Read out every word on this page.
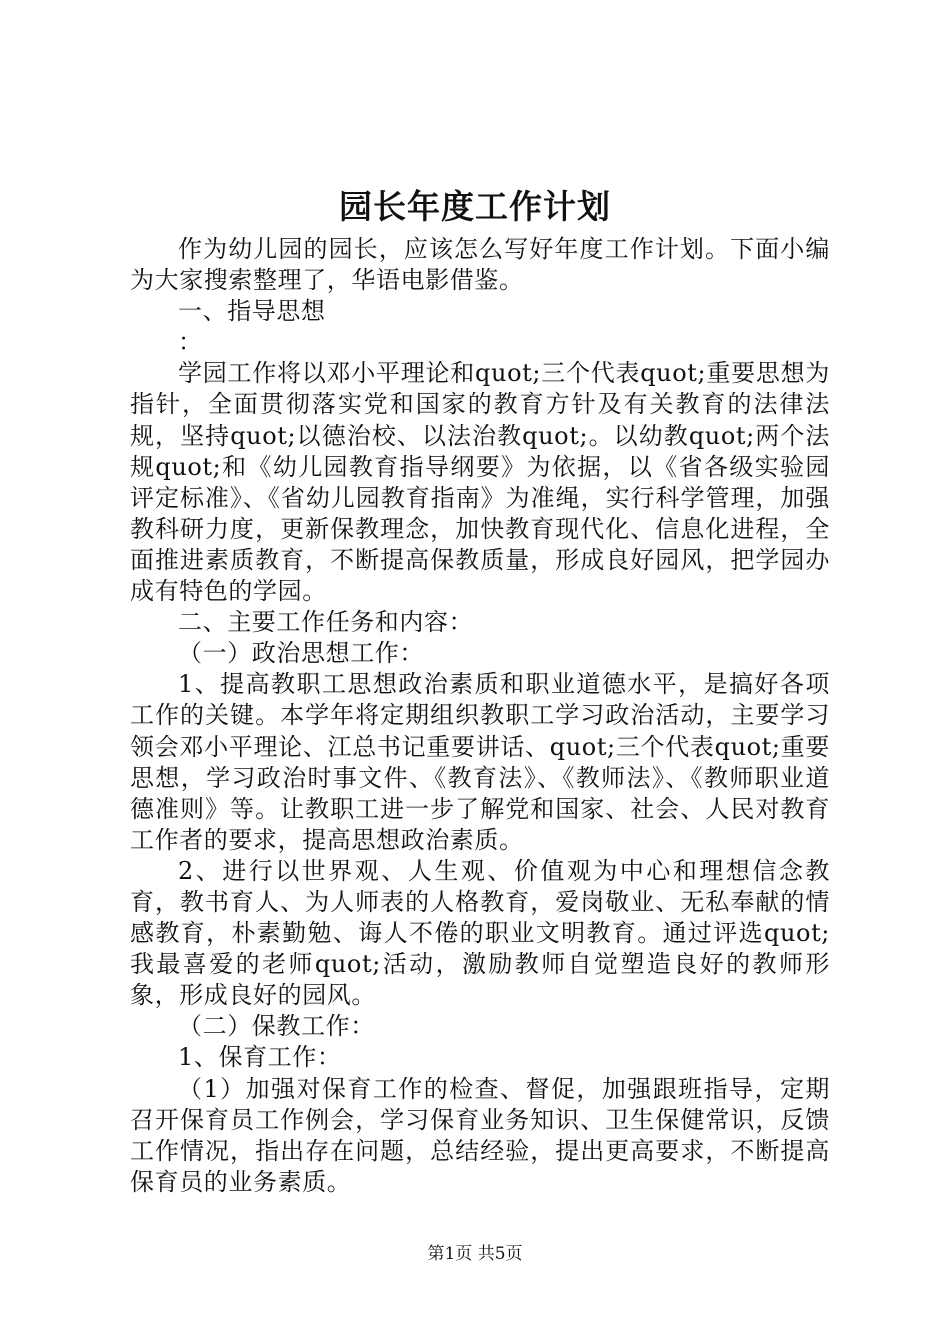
园长年度工作计划

作为幼儿园的园长，应该怎么写好年度工作计划。下面小编为大家搜索整理了，华语电影借鉴。

一、指导思想

：

学园工作将以邓小平理论和quot;三个代表quot;重要思想为指针，全面贯彻落实党和国家的教育方针及有关教育的法律法规，坚持quot;以德治校、以法治教quot;。以幼教quot;两个法规quot;和《幼儿园教育指导纲要》为依据，以《省各级实验园评定标准》、《省幼儿园教育指南》为准绳，实行科学管理，加强教科研力度，更新保教理念，加快教育现代化、信息化进程，全面推进素质教育，不断提高保教质量，形成良好园风，把学园办成有特色的学园。

二、主要工作任务和内容：

（一）政治思想工作：

1、提高教职工思想政治素质和职业道德水平，是搞好各项工作的关键。本学年将定期组织教职工学习政治活动，主要学习领会邓小平理论、江总书记重要讲话、quot;三个代表quot;重要思想，学习政治时事文件、《教育法》、《教师法》、《教师职业道德准则》等。让教职工进一步了解党和国家、社会、人民对教育工作者的要求，提高思想政治素质。

2、进行以世界观、人生观、价值观为中心和理想信念教育，教书育人、为人师表的人格教育，爱岗敬业、无私奉献的情感教育，朴素勤勉、诲人不倦的职业文明教育。通过评选quot;我最喜爱的老师quot;活动，激励教师自觉塑造良好的教师形象，形成良好的园风。

（二）保教工作：

1、保育工作：

（1）加强对保育工作的检查、督促，加强跟班指导，定期召开保育员工作例会，学习保育业务知识、卫生保健常识，反馈工作情况，指出存在问题，总结经验，提出更高要求，不断提高保育员的业务素质。

第1页 共5页
